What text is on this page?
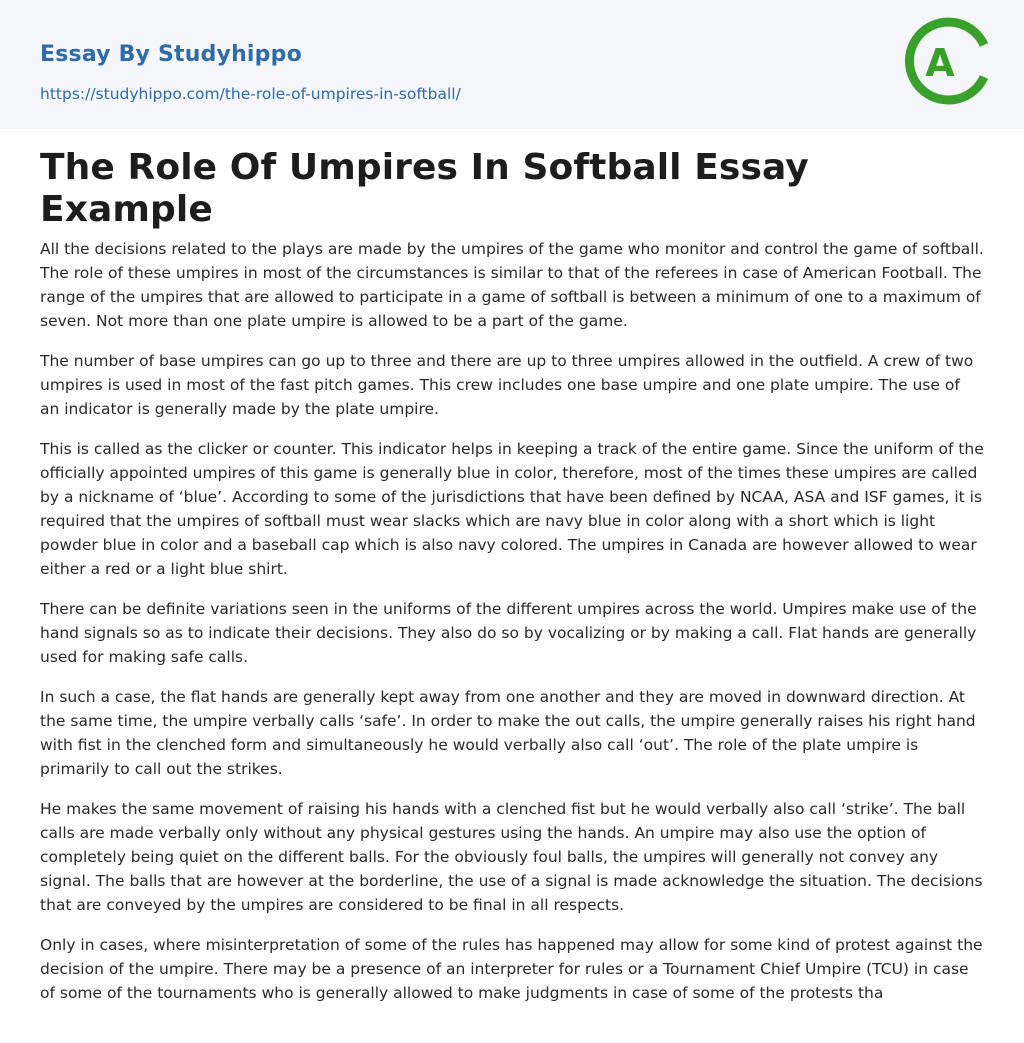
Essay By Studyhippo
https://studyhippo.com/the-role-of-umpires-in-softball/
A
The Role Of Umpires In Softball Essay Example

All the decisions related to the plays are made by the umpires of the game who monitor and control the game of softball. The role of these umpires in most of the circumstances is similar to that of the referees in case of American Football. The range of the umpires that are allowed to participate in a game of softball is between a minimum of one to a maximum of seven. Not more than one plate umpire is allowed to be a part of the game.

The number of base umpires can go up to three and there are up to three umpires allowed in the outfield. A crew of two umpires is used in most of the fast pitch games. This crew includes one base umpire and one plate umpire. The use of an indicator is generally made by the plate umpire.

This is called as the clicker or counter. This indicator helps in keeping a track of the entire game. Since the uniform of the officially appointed umpires of this game is generally blue in color, therefore, most of the times these umpires are called by a nickname of ‘blue’. According to some of the jurisdictions that have been defined by NCAA, ASA and ISF games, it is required that the umpires of softball must wear slacks which are navy blue in color along with a short which is light powder blue in color and a baseball cap which is also navy colored. The umpires in Canada are however allowed to wear either a red or a light blue shirt.

There can be definite variations seen in the uniforms of the different umpires across the world. Umpires make use of the hand signals so as to indicate their decisions. They also do so by vocalizing or by making a call. Flat hands are generally used for making safe calls.

In such a case, the flat hands are generally kept away from one another and they are moved in downward direction. At the same time, the umpire verbally calls ‘safe’. In order to make the out calls, the umpire generally raises his right hand with fist in the clenched form and simultaneously he would verbally also call ‘out’. The role of the plate umpire is primarily to call out the strikes.

He makes the same movement of raising his hands with a clenched fist but he would verbally also call ‘strike’. The ball calls are made verbally only without any physical gestures using the hands. An umpire may also use the option of completely being quiet on the different balls. For the obviously foul balls, the umpires will generally not convey any signal. The balls that are however at the borderline, the use of a signal is made acknowledge the situation. The decisions that are conveyed by the umpires are considered to be final in all respects.

Only in cases, where misinterpretation of some of the rules has happened may allow for some kind of protest against the decision of the umpire. There may be a presence of an interpreter for rules or a Tournament Chief Umpire (TCU) in case of some of the tournaments who is generally allowed to make judgments in case of some of the protests tha
